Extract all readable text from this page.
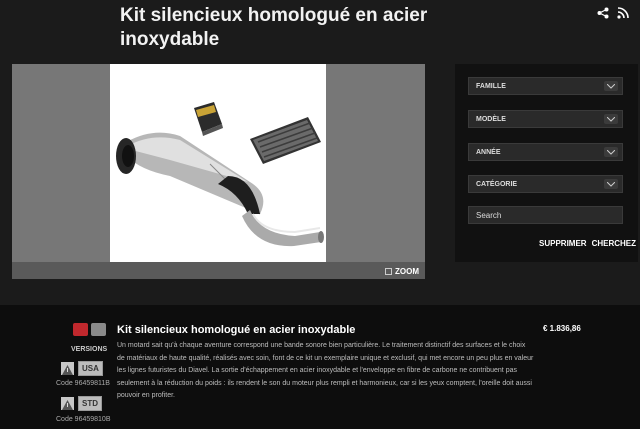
Kit silencieux homologué en acier inoxydable
ZOOM
FAMILLE
MODÈLE
ANNÉE
CATÉGORIE
Search
SUPPRIMER CHERCHEZ
VERSIONS
USA
Code 96459811B
STD
Code 96459810B
Kit silencieux homologué en acier inoxydable
Un motard sait qu'à chaque aventure correspond une bande sonore bien particulière. Le traitement distinctif des surfaces et le choix de matériaux de haute qualité, réalisés avec soin, font de ce kit un exemplaire unique et exclusif, qui met encore un peu plus en valeur les lignes futuristes du Diavel. La sortie d'échappement en acier inoxydable et l'enveloppe en fibre de carbone ne contribuent pas seulement à la réduction du poids : ils rendent le son du moteur plus rempli et harmonieux, car si les yeux comptent, l'oreille doit aussi pouvoir en profiter.
€ 1.836,86
